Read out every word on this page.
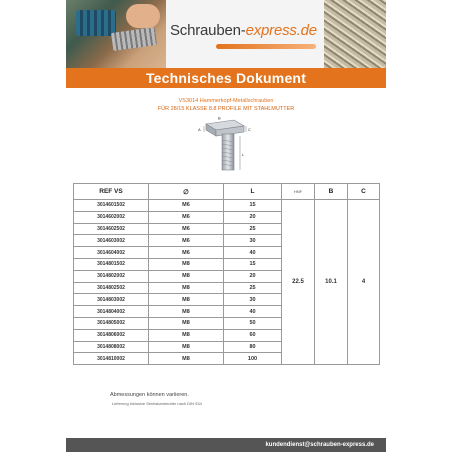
Schrauben-express.de
Technisches Dokument
VS3014 Hammerkopf-Metallschrauben
FÜR 28/15 KLASSE 8.8 PROFILE MIT STAHLMUTTER
C
L
A
B
REF VS	∅	L	HNF	B	C
3014601502	M6	15	22.5	10.1	4
3014602002	M6	20			
3014602502	M6	25			
3014603002	M6	30			
3014604002	M6	40			
3014801502	M8	15			
3014802002	M8	20			
3014802502	M8	25			
3014803002	M8	30			
3014804002	M8	40			
3014805002	M8	50			
3014806002	M8	60			
3014808002	M8	80			
3014810002	M8	100			
Abmessungen können variieren.
Lieferung inklusive Sechskantmutter nach DIN 934
kundendienst@schrauben-express.de
